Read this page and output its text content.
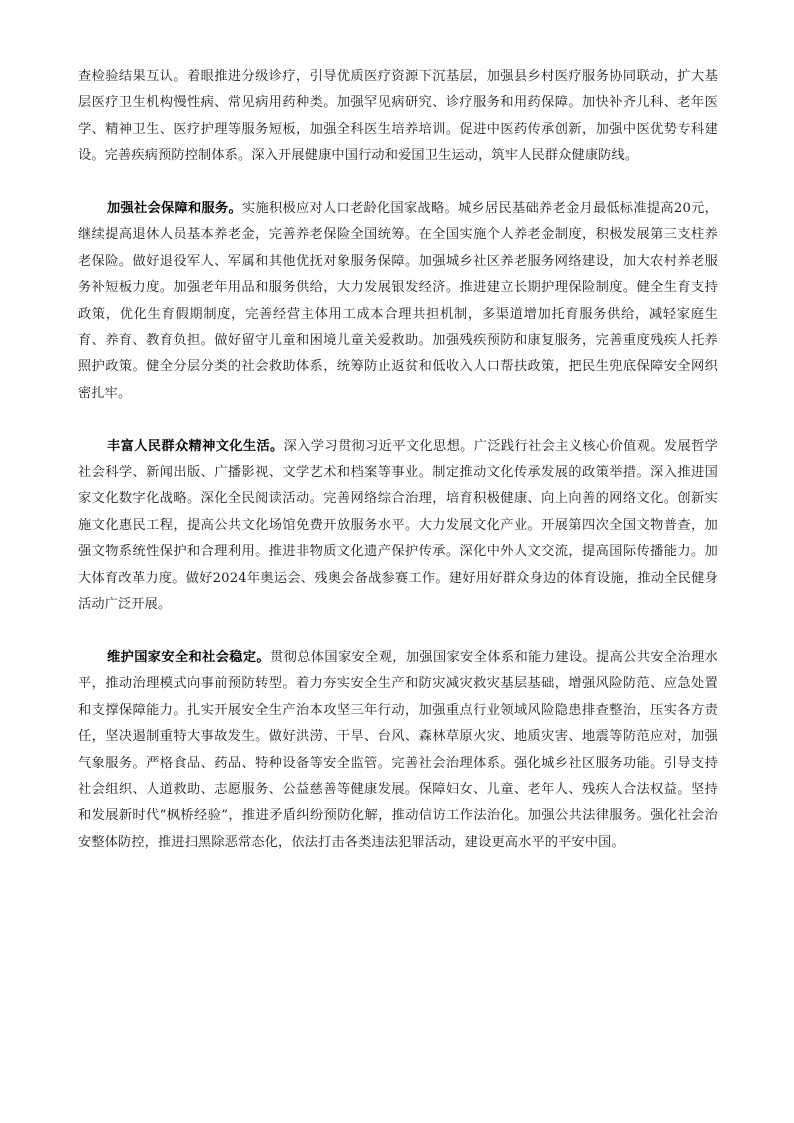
查检验结果互认。着眼推进分级诊疗，引导优质医疗资源下沉基层，加强县乡村医疗服务协同联动，扩大基层医疗卫生机构慢性病、常见病用药种类。加强罕见病研究、诊疗服务和用药保障。加快补齐儿科、老年医学、精神卫生、医疗护理等服务短板，加强全科医生培养培训。促进中医药传承创新，加强中医优势专科建设。完善疾病预防控制体系。深入开展健康中国行动和爱国卫生运动，筑牢人民群众健康防线。

加强社会保障和服务。实施积极应对人口老龄化国家战略。城乡居民基础养老金月最低标准提高20元，继续提高退休人员基本养老金，完善养老保险全国统筹。在全国实施个人养老金制度，积极发展第三支柱养老保险。做好退役军人、军属和其他优抚对象服务保障。加强城乡社区养老服务网络建设，加大农村养老服务补短板力度。加强老年用品和服务供给，大力发展银发经济。推进建立长期护理保险制度。健全生育支持政策，优化生育假期制度，完善经营主体用工成本合理共担机制，多渠道增加托育服务供给，减轻家庭生育、养育、教育负担。做好留守儿童和困境儿童关爱救助。加强残疾预防和康复服务，完善重度残疾人托养照护政策。健全分层分类的社会救助体系，统筹防止返贫和低收入人口帮扶政策，把民生兜底保障安全网织密扎牢。

丰富人民群众精神文化生活。深入学习贯彻习近平文化思想。广泛践行社会主义核心价值观。发展哲学社会科学、新闻出版、广播影视、文学艺术和档案等事业。制定推动文化传承发展的政策举措。深入推进国家文化数字化战略。深化全民阅读活动。完善网络综合治理，培育积极健康、向上向善的网络文化。创新实施文化惠民工程，提高公共文化场馆免费开放服务水平。大力发展文化产业。开展第四次全国文物普查，加强文物系统性保护和合理利用。推进非物质文化遗产保护传承。深化中外人文交流，提高国际传播能力。加大体育改革力度。做好2024年奥运会、残奥会备战参赛工作。建好用好群众身边的体育设施，推动全民健身活动广泛开展。

维护国家安全和社会稳定。贯彻总体国家安全观，加强国家安全体系和能力建设。提高公共安全治理水平，推动治理模式向事前预防转型。着力夯实安全生产和防灾减灾救灾基层基础，增强风险防范、应急处置和支撑保障能力。扎实开展安全生产治本攻坚三年行动，加强重点行业领域风险隐患排查整治，压实各方责任，坚决遏制重特大事故发生。做好洪涝、干旱、台风、森林草原火灾、地质灾害、地震等防范应对，加强气象服务。严格食品、药品、特种设备等安全监管。完善社会治理体系。强化城乡社区服务功能。引导支持社会组织、人道救助、志愿服务、公益慈善等健康发展。保障妇女、儿童、老年人、残疾人合法权益。坚持和发展新时代“枫桥经验”，推进矛盾纠纷预防化解，推动信访工作法治化。加强公共法律服务。强化社会治安整体防控，推进扫黑除恶常态化，依法打击各类违法犯罪活动，建设更高水平的平安中国。
